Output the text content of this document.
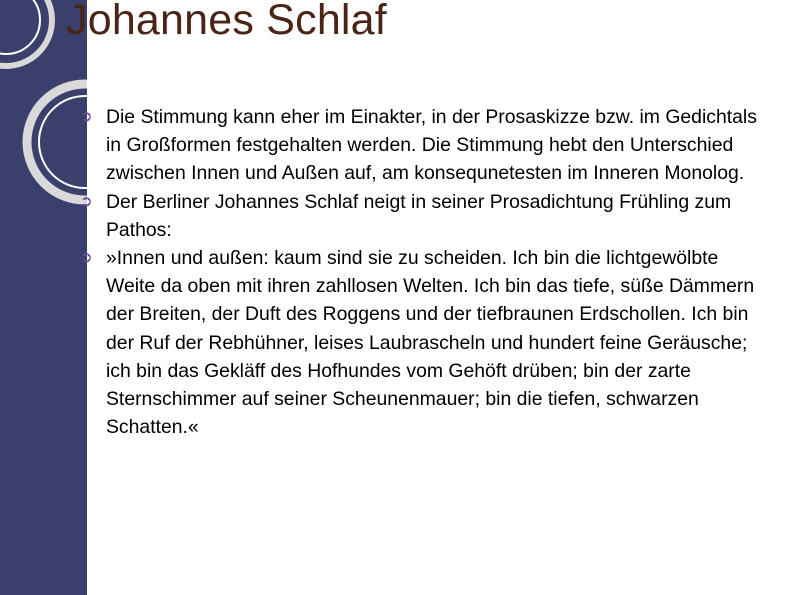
Johannes Schlaf
➲ Die Stimmung kann eher im Einakter, in der Prosaskizze bzw. im Gedichtals in Großformen festgehalten werden. Die Stimmung hebt den Unterschied zwischen Innen und Außen auf, am konsequnetesten im Inneren Monolog.
➲ Der Berliner Johannes Schlaf neigt in seiner Prosadichtung Frühling zum Pathos:
➲ »Innen und außen: kaum sind sie zu scheiden. Ich bin die lichtgewölbte Weite da oben mit ihren zahllosen Welten. Ich bin das tiefe, süße Dämmern der Breiten, der Duft des Roggens und der tiefbraunen Erdschollen. Ich bin der Ruf der Rebhühner, leises Laubrascheln und hundert feine Geräusche; ich bin das Gekläff des Hofhundes vom Gehöft drüben; bin der zarte Sternschimmer auf seiner Scheunenmauer; bin die tiefen, schwarzen Schatten.«
